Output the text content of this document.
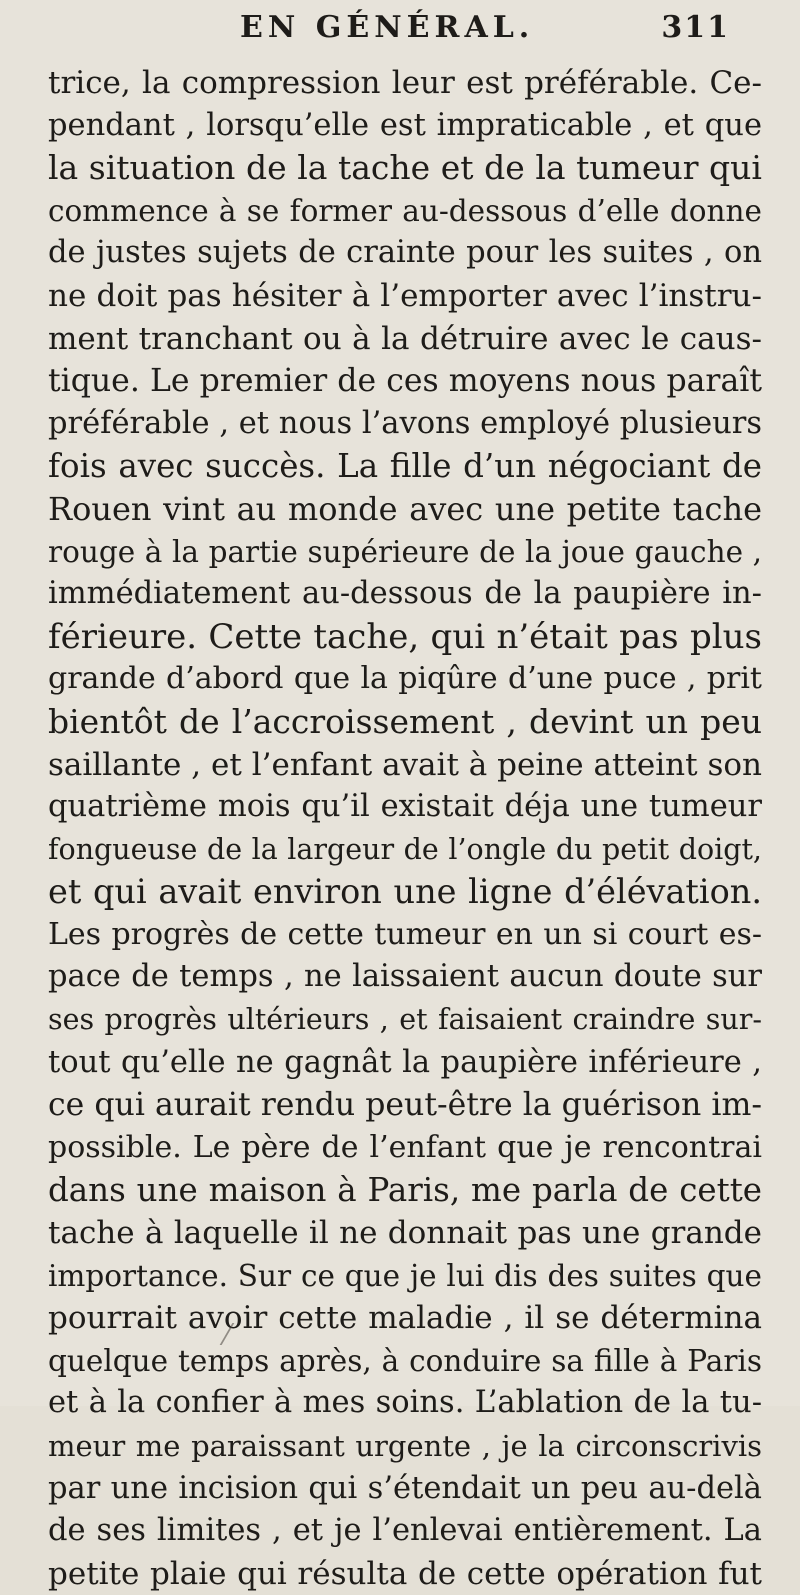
EN GÉNÉRAL.	311
trice, la compression leur est préférable. Ce-
pendant , lorsqu’elle est impraticable , et que
la situation de la tache et de la tumeur qui
commence à se former au-dessous d’elle donne
de justes sujets de crainte pour les suites , on
ne doit pas hésiter à l’emporter avec l’instru-
ment tranchant ou à la détruire avec le caus-
tique. Le premier de ces moyens nous paraît
préférable , et nous l’avons employé plusieurs
fois avec succès. La fille d’un négociant de
Rouen vint au monde avec une petite tache
rouge à la partie supérieure de la joue gauche ,
immédiatement au-dessous de la paupière in-
férieure. Cette tache, qui n’était pas plus
grande d’abord que la piqûre d’une puce , prit
bientôt de l’accroissement , devint un peu
saillante , et l’enfant avait à peine atteint son
quatrième mois qu’il existait déja une tumeur
fongueuse de la largeur de l’ongle du petit doigt,
et qui avait environ une ligne d’élévation.
Les progrès de cette tumeur en un si court es-
pace de temps , ne laissaient aucun doute sur
ses progrès ultérieurs , et faisaient craindre sur-
tout qu’elle ne gagnât la paupière inférieure ,
ce qui aurait rendu peut-être la guérison im-
possible. Le père de l’enfant que je rencontrai
dans une maison à Paris, me parla de cette
tache à laquelle il ne donnait pas une grande
importance. Sur ce que je lui dis des suites que
pourrait avoir cette maladie , il se détermina
quelque temps après, à conduire sa fille à Paris
et à la confier à mes soins. L’ablation de la tu-
meur me paraissant urgente , je la circonscrivis
par une incision qui s’étendait un peu au-delà
de ses limites , et je l’enlevai entièrement. La
petite plaie qui résulta de cette opération fut
